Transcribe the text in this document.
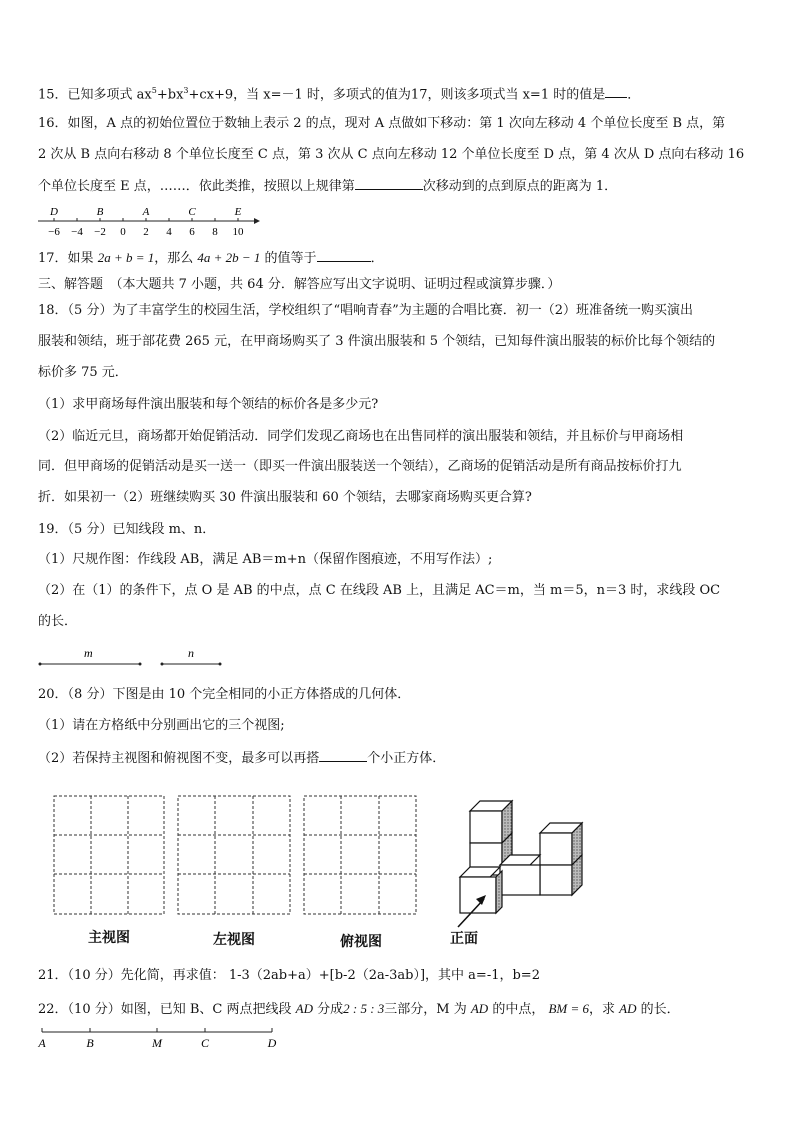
15．已知多项式 $ax^5+bx^3+cx+9$，当 x=－1 时，多项式的值为17，则该多项式当 x=1 时的值是 ．
16．如图，A 点的初始位置位于数轴上表示 2 的点，现对 A 点做如下移动：第 1 次向左移动 4 个单位长度至 B 点，第
2 次从 B 点向右移动 8 个单位长度至 C 点，第 3 次从 C 点向左移动 12 个单位长度至 D 点，第 4 次从 D 点向右移动 16
个单位长度至 E 点，……．依此类推，按照以上规律第	次移动到的点到原点的距离为 1．
−6 −4 −2 0 2 4 6 8 10
D	B	A	C	E
17．如果 2a + b = 1，那么 4a + 2b − 1 的值等于	．
三、解答题　（本大题共 7 小题，共 64 分．解答应写出文字说明、证明过程或演算步骤．）
18．（5 分）为了丰富学生的校园生活，学校组织了“唱响青春”为主题的合唱比赛．初一（2）班准备统一购买演出
服装和领结，班于部花费 265 元，在甲商场购买了 3 件演出服装和 5 个领结，已知每件演出服装的标价比每个领结的
标价多 75 元．
（1）求甲商场每件演出服装和每个领结的标价各是多少元?
（2）临近元旦，商场都开始促销活动．同学们发现乙商场也在出售同样的演出服装和领结，并且标价与甲商场相
同．但甲商场的促销活动是买一送一（即买一件演出服装送一个领结），乙商场的促销活动是所有商品按标价打九
折．如果初一（2）班继续购买 30 件演出服装和 60 个领结，去哪家商场购买更合算?
19．（5 分）已知线段 m、n．
（1）尺规作图：作线段 AB，满足 AB＝m+n（保留作图痕迹，不用写作法）;
（2）在（1）的条件下，点 O 是 AB 的中点，点 C 在线段 AB 上，且满足 AC＝m，当 m＝5，n＝3 时，求线段 OC
的长．
m	n
20．（8 分）下图是由 10 个完全相同的小正方体搭成的几何体．
（1）请在方格纸中分别画出它的三个视图;
（2）若保持主视图和俯视图不变，最多可以再搭	个小正方体．
主视图	左视图	俯视图	正面
21．（10 分）先化简，再求值： 1-3（2ab+a）+[b-2（2a-3ab）]，其中 a=-1，b=2
22．（10 分）如图，已知 B、C 两点把线段 AD 分成2 : 5 : 3三部分，M 为 AD 的中点， BM = 6，求 AD 的长．
A	B	M	C	D
